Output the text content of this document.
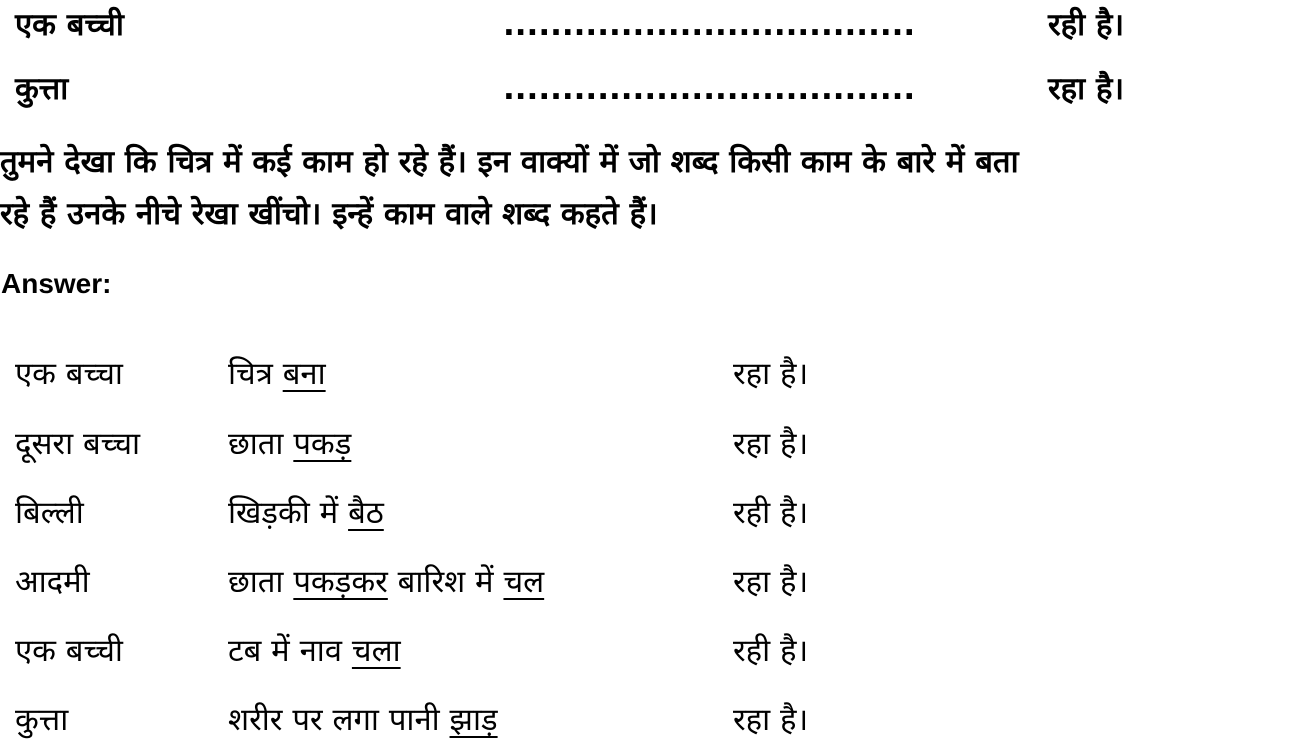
एक बच्ची	...................................	रही है।
कुत्ता	...................................	रहा है।
तुमने देखा कि चित्र में कई काम हो रहे हैं। इन वाक्यों में जो शब्द किसी काम के बारे में बता
रहे हैं उनके नीचे रेखा खींचो। इन्हें काम वाले शब्द कहते हैं।
Answer:
एक बच्चा	चित्र बना	रहा है।
दूसरा बच्चा	छाता पकड़	रहा है।
बिल्ली	खिड़की में बैठ	रही है।
आदमी	छाता पकड़कर बारिश में चल	रहा है।
एक बच्ची	टब में नाव चला	रही है।
कुत्ता	शरीर पर लगा पानी झाड़	रहा है।
